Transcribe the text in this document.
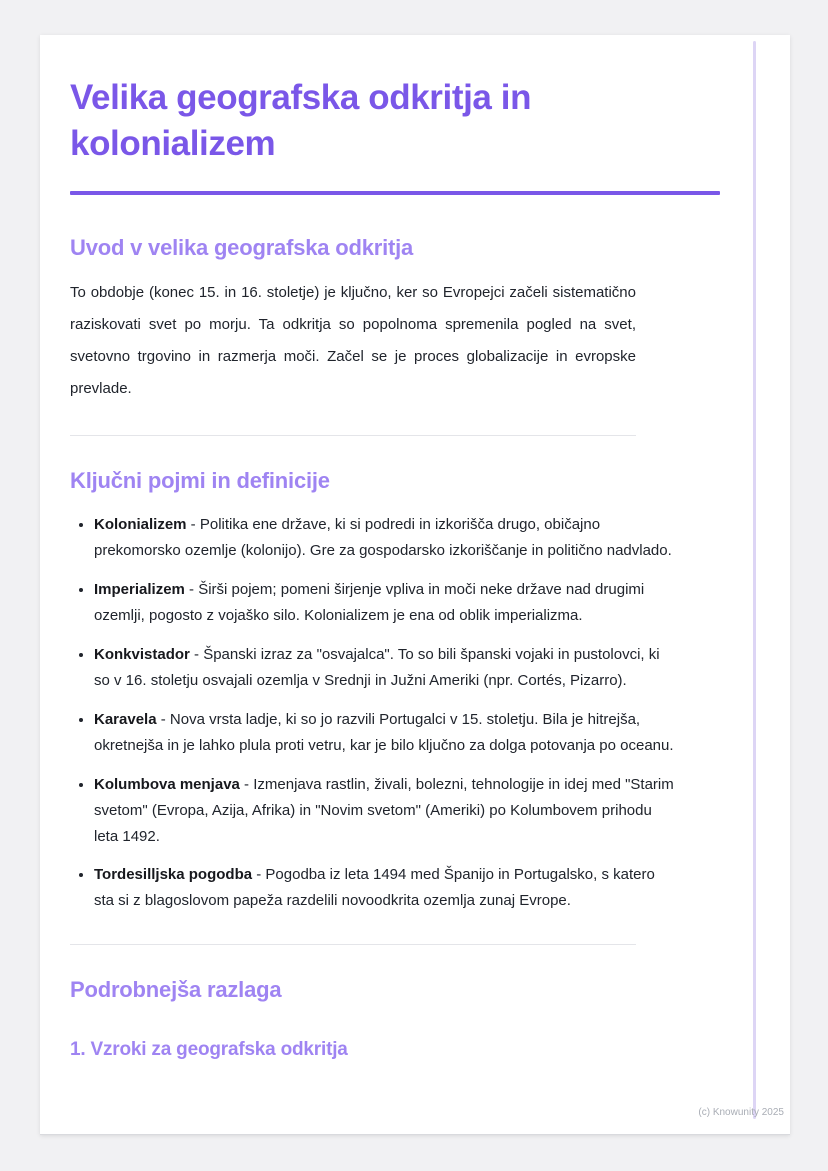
Velika geografska odkritja in kolonializem
Uvod v velika geografska odkritja

To obdobje (konec 15. in 16. stoletje) je ključno, ker so Evropejci začeli sistematično raziskovati svet po morju. Ta odkritja so popolnoma spremenila pogled na svet, svetovno trgovino in razmerja moči. Začel se je proces globalizacije in evropske prevlade.

Ključni pojmi in definicije
• Kolonializem - Politika ene države, ki si podredi in izkorišča drugo, običajno prekomorsko ozemlje (kolonijo). Gre za gospodarsko izkoriščanje in politično nadvlado.
• Imperializem - Širši pojem; pomeni širjenje vpliva in moči neke države nad drugimi ozemlji, pogosto z vojaško silo. Kolonializem je ena od oblik imperializma.
• Konkvistador - Španski izraz za "osvajalca". To so bili španski vojaki in pustolovci, ki so v 16. stoletju osvajali ozemlja v Srednji in Južni Ameriki (npr. Cortés, Pizarro).
• Karavela - Nova vrsta ladje, ki so jo razvili Portugalci v 15. stoletju. Bila je hitrejša, okretnejša in je lahko plula proti vetru, kar je bilo ključno za dolga potovanja po oceanu.
• Kolumbova menjava - Izmenjava rastlin, živali, bolezni, tehnologije in idej med "Starim svetom" (Evropa, Azija, Afrika) in "Novim svetom" (Ameriki) po Kolumbovem prihodu leta 1492.
• Tordesilljska pogodba - Pogodba iz leta 1494 med Španijo in Portugalsko, s katero sta si z blagoslovom papeža razdelili novoodkrita ozemlja zunaj Evrope.
Podrobnejša razlaga
1. Vzroki za geografska odkritja
(c) Knowunity 2025
